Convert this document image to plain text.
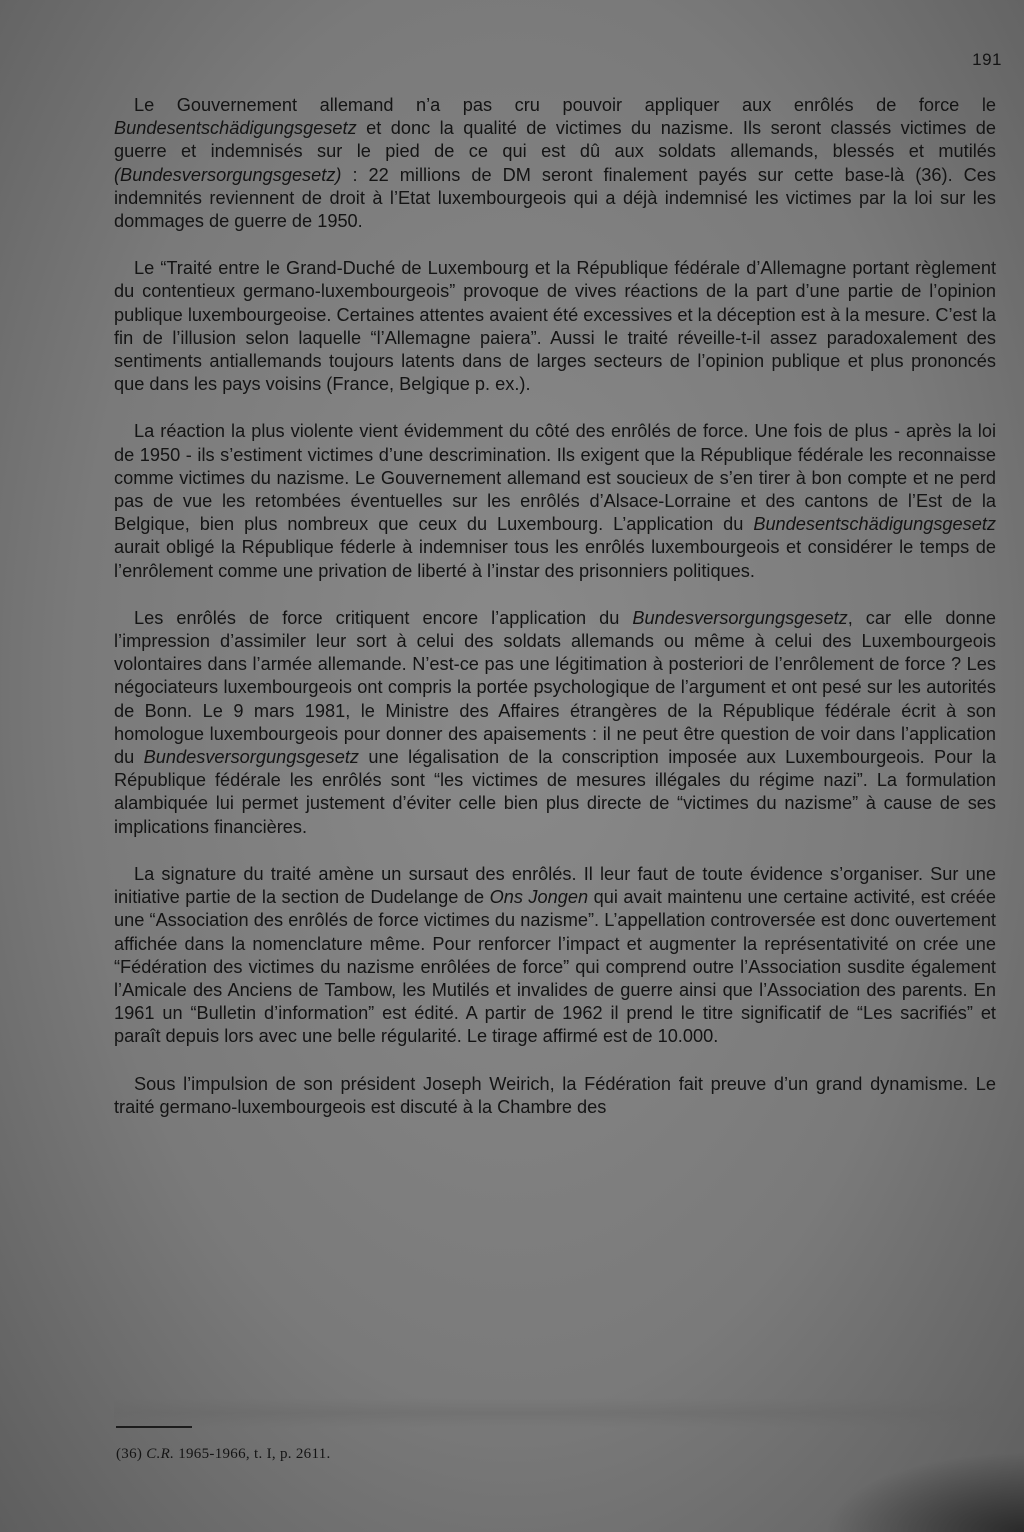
191

Le Gouvernement allemand n’a pas cru pouvoir appliquer aux enrôlés de force le Bundesentschädigungsgesetz et donc la qualité de victimes du nazisme. Ils seront classés victimes de guerre et indemnisés sur le pied de ce qui est dû aux soldats allemands, blessés et mutilés (Bundesversorgungsgesetz) : 22 millions de DM seront finalement payés sur cette base-là (36). Ces indemnités reviennent de droit à l’Etat luxembourgeois qui a déjà indemnisé les victimes par la loi sur les dommages de guerre de 1950.

Le “Traité entre le Grand-Duché de Luxembourg et la République fédérale d’Allemagne portant règlement du contentieux germano-luxembourgeois” provoque de vives réactions de la part d’une partie de l’opinion publique luxembourgeoise. Certaines attentes avaient été excessives et la déception est à la mesure. C’est la fin de l’illusion selon laquelle “l’Allemagne paiera”. Aussi le traité réveille-t-il assez paradoxalement des sentiments antiallemands toujours latents dans de larges secteurs de l’opinion publique et plus prononcés que dans les pays voisins (France, Belgique p. ex.).

La réaction la plus violente vient évidemment du côté des enrôlés de force. Une fois de plus - après la loi de 1950 - ils s’estiment victimes d’une descrimination. Ils exigent que la République fédérale les reconnaisse comme victimes du nazisme. Le Gouvernement allemand est soucieux de s’en tirer à bon compte et ne perd pas de vue les retombées éventuelles sur les enrôlés d’Alsace-Lorraine et des cantons de l’Est de la Belgique, bien plus nombreux que ceux du Luxembourg. L’application du Bundesentschädigungsgesetz aurait obligé la République féderle à indemniser tous les enrôlés luxembourgeois et considérer le temps de l’enrôlement comme une privation de liberté à l’instar des prisonniers politiques.

Les enrôlés de force critiquent encore l’application du Bundesversorgungsgesetz, car elle donne l’impression d’assimiler leur sort à celui des soldats allemands ou même à celui des Luxembourgeois volontaires dans l’armée allemande. N’est-ce pas une légitimation à posteriori de l’enrôlement de force ? Les négociateurs luxembourgeois ont compris la portée psychologique de l’argument et ont pesé sur les autorités de Bonn. Le 9 mars 1981, le Ministre des Affaires étrangères de la République fédérale écrit à son homologue luxembourgeois pour donner des apaisements : il ne peut être question de voir dans l’application du Bundesversorgungsgesetz une légalisation de la conscription imposée aux Luxembourgeois. Pour la République fédérale les enrôlés sont “les victimes de mesures illégales du régime nazi”. La formulation alambiquée lui permet justement d’éviter celle bien plus directe de “victimes du nazisme” à cause de ses implications financières.

La signature du traité amène un sursaut des enrôlés. Il leur faut de toute évidence s’organiser. Sur une initiative partie de la section de Dudelange de Ons Jongen qui avait maintenu une certaine activité, est créée une “Association des enrôlés de force victimes du nazisme”. L’appellation controversée est donc ouvertement affichée dans la nomenclature même. Pour renforcer l’impact et augmenter la représentativité on crée une “Fédération des victimes du nazisme enrôlées de force” qui comprend outre l’Association susdite également l’Amicale des Anciens de Tambow, les Mutilés et invalides de guerre ainsi que l’Association des parents. En 1961 un “Bulletin d’information” est édité. A partir de 1962 il prend le titre significatif de “Les sacrifiés” et paraît depuis lors avec une belle régularité. Le tirage affirmé est de 10.000.

Sous l’impulsion de son président Joseph Weirich, la Fédération fait preuve d’un grand dynamisme. Le traité germano-luxembourgeois est discuté à la Chambre des

(36) C.R. 1965-1966, t. I, p. 2611.
